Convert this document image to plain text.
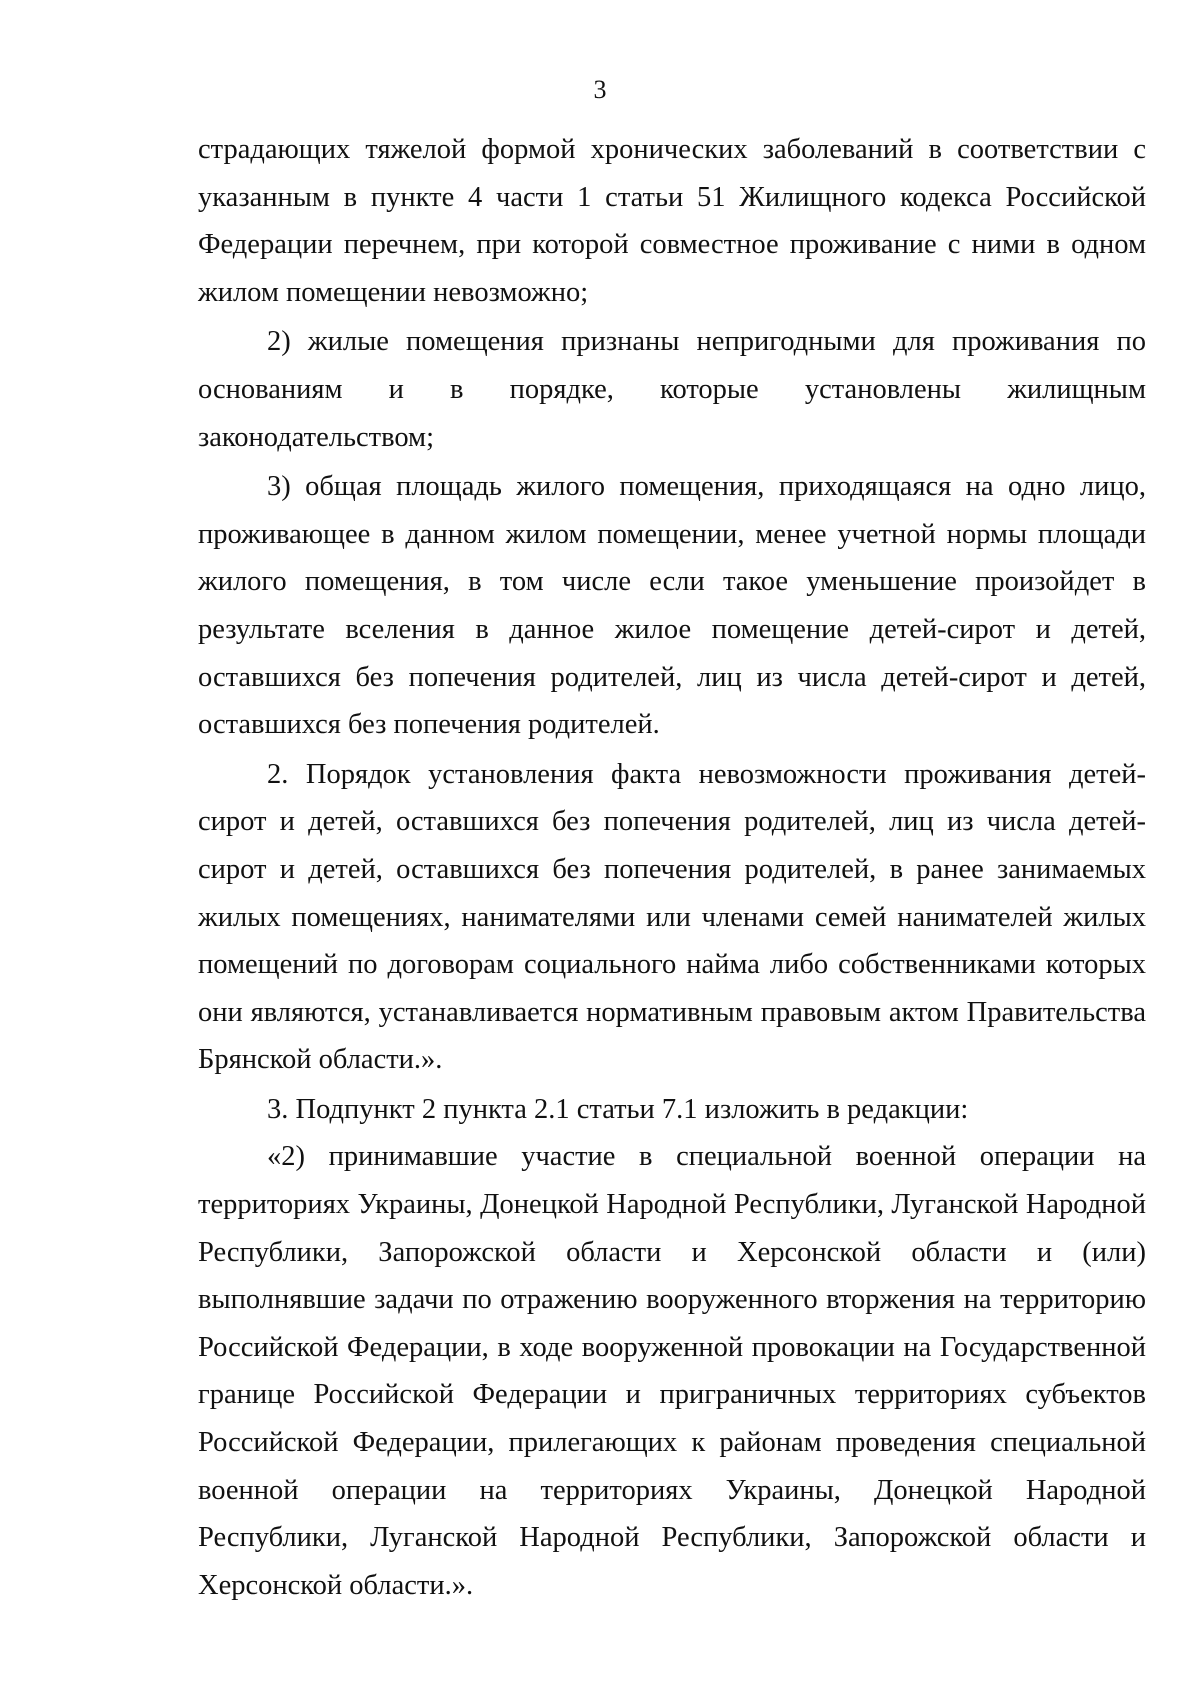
3

страдающих тяжелой формой хронических заболеваний в соответствии с указанным в пункте 4 части 1 статьи 51 Жилищного кодекса Российской Федерации перечнем, при которой совместное проживание с ними в одном жилом помещении невозможно;

2) жилые помещения признаны непригодными для проживания по основаниям и в порядке, которые установлены жилищным законодательством;

3) общая площадь жилого помещения, приходящаяся на одно лицо, проживающее в данном жилом помещении, менее учетной нормы площади жилого помещения, в том числе если такое уменьшение произойдет в результате вселения в данное жилое помещение детей-сирот и детей, оставшихся без попечения родителей, лиц из числа детей-сирот и детей, оставшихся без попечения родителей.

2. Порядок установления факта невозможности проживания детей-сирот и детей, оставшихся без попечения родителей, лиц из числа детей-сирот и детей, оставшихся без попечения родителей, в ранее занимаемых жилых помещениях, нанимателями или членами семей нанимателей жилых помещений по договорам социального найма либо собственниками которых они являются, устанавливается нормативным правовым актом Правительства Брянской области.».

3. Подпункт 2 пункта 2.1 статьи 7.1 изложить в редакции:

«2) принимавшие участие в специальной военной операции на территориях Украины, Донецкой Народной Республики, Луганской Народной Республики, Запорожской области и Херсонской области и (или) выполнявшие задачи по отражению вооруженного вторжения на территорию Российской Федерации, в ходе вооруженной провокации на Государственной границе Российской Федерации и приграничных территориях субъектов Российской Федерации, прилегающих к районам проведения специальной военной операции на территориях Украины, Донецкой Народной Республики, Луганской Народной Республики, Запорожской области и Херсонской области.».
